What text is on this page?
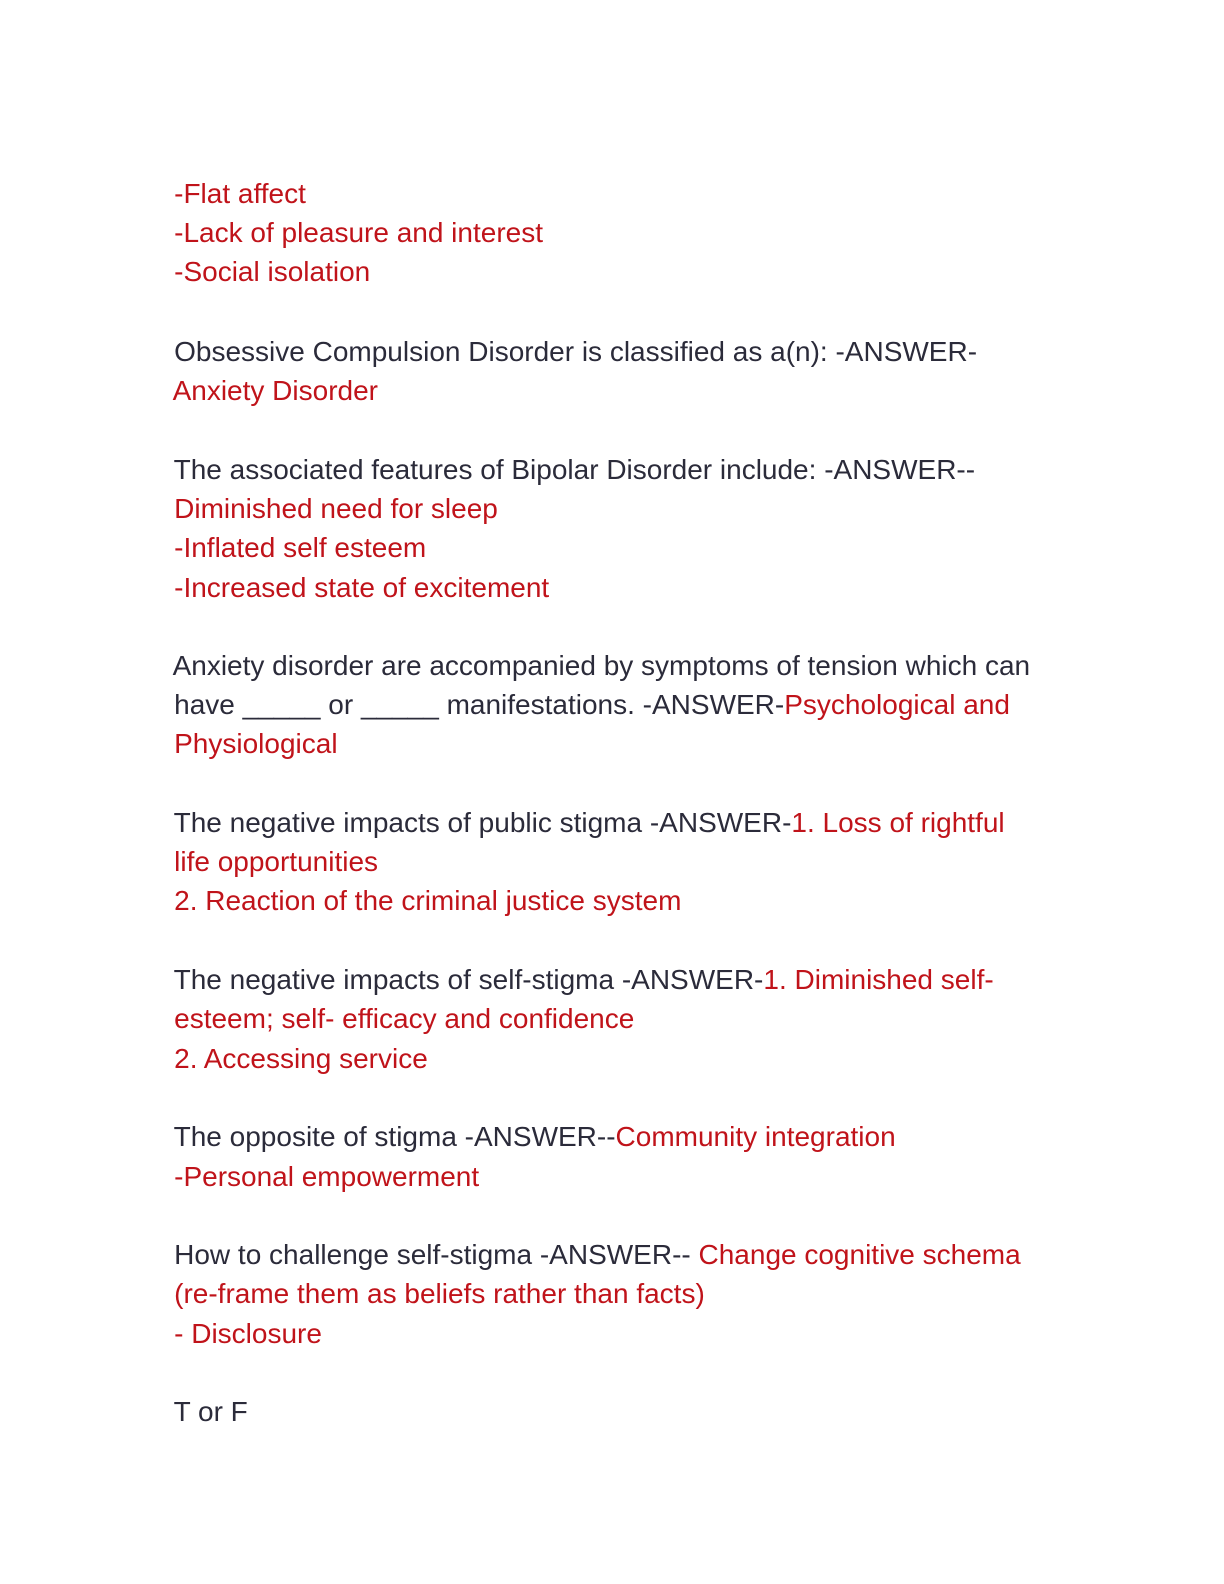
-Flat affect

-Lack of pleasure and interest

-Social isolation

Obsessive Compulsion Disorder is classified as a(n): -ANSWER-

Anxiety Disorder

The associated features of Bipolar Disorder include: -ANSWER--

Diminished need for sleep

-Inflated self esteem

-Increased state of excitement

Anxiety disorder are accompanied by symptoms of tension which can

have _____ or _____ manifestations. -ANSWER-Psychological and

Physiological

The negative impacts of public stigma -ANSWER-1. Loss of rightful

life opportunities

2. Reaction of the criminal justice system

The negative impacts of self-stigma -ANSWER-1. Diminished self-

esteem; self- efficacy and confidence

2. Accessing service

The opposite of stigma -ANSWER--Community integration

-Personal empowerment

How to challenge self-stigma -ANSWER-- Change cognitive schema

(re-frame them as beliefs rather than facts)

- Disclosure

T or F
